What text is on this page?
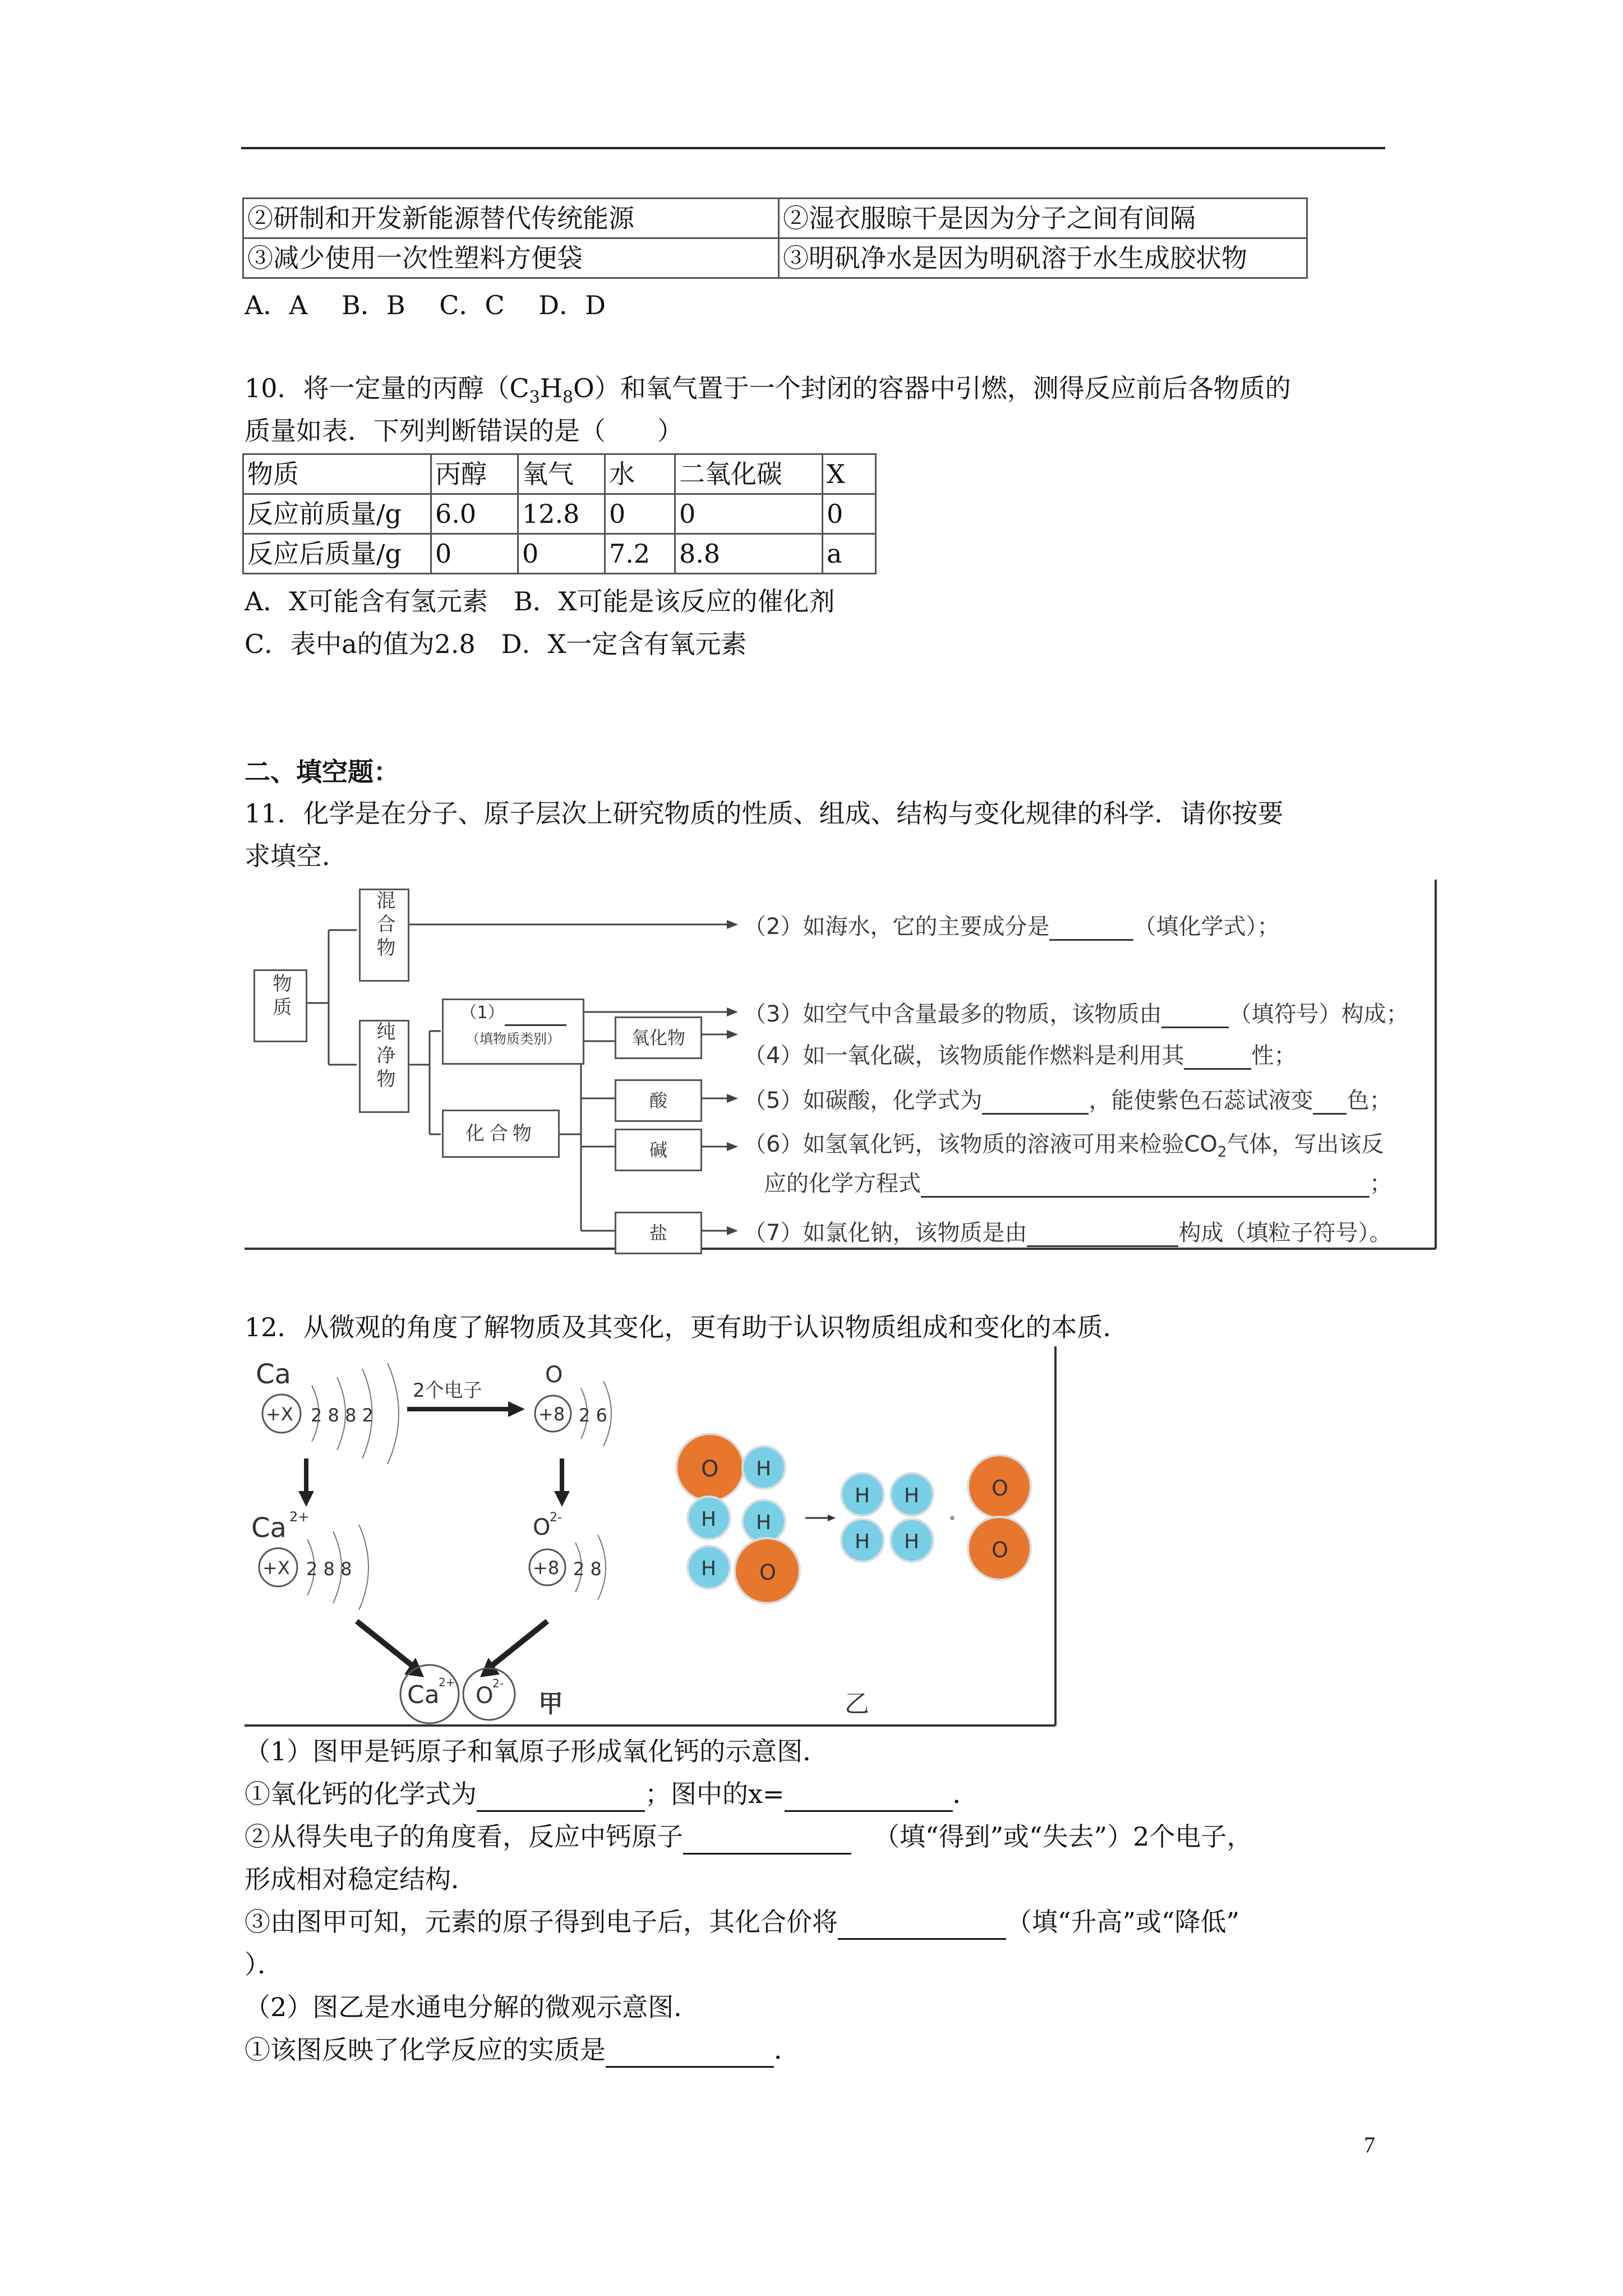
②研制和开发新能源替代传统能源	②湿衣服晾干是因为分子之间有间隔
③减少使用一次性塑料方便袋	③明矾净水是因为明矾溶于水生成胶状物
A．A　 B．B　 C．C　 D．D
10．将一定量的丙醇$(C_3H_8O)$和氧气置于一个封闭的容器中引燃，测得反应前后各物质的
质量如表．下列判断错误的是（　　）
物质	丙醇	氧气	水	二氧化碳	X
反应前质量/g	6.0	12.8	0	0	0
反应后质量/g	0	0	7.2	8.8	a
A．X可能含有氢元素　B．X可能是该反应的催化剂
C．表中a的值为2.8　D．X一定含有氧元素
二、填空题：
11．化学是在分子、原子层次上研究物质的性质、组成、结构与变化规律的科学．请你按要
求填空．
物质
混合物
纯净物
（1）
（填物质类别）
化合物
氧化物
酸
碱
盐
（2）如海水，它的主要成分是	（填化学式）；
（3）如空气中含量最多的物质，该物质由	（填符号）构成；
（4）如一氧化碳，该物质能作燃料是利用其	性；
（5）如碳酸，化学式为	，能使紫色石蕊试液变 色；
（6）如氢氧化钙，该物质的溶液可用来检验$CO_2$气体，写出该反
应的化学方程式	；
（7）如氯化钠，该物质是由	构成（填粒子符号）。
12．从微观的角度了解物质及其变化，更有助于认识物质组成和变化的本质．
Ca
+X 2 8 8 2
2个电子
O
+8 2 6
Ca 2+
+X 2 8 8
O
2-
+8 2 8
Ca
2+
O
2-
甲
O H
H H
H O
H
H
H
H
O
O
乙
（1）图甲是钙原子和氧原子形成氧化钙的示意图．
①氧化钙的化学式为	；图中的x=	．
②从得失电子的角度看，反应中钙原子	（填“得到”或“失去”）2个电子，
形成相对稳定结构．
③由图甲可知，元素的原子得到电子后，其化合价将	（填“升高”或“降低”
）．
（2）图乙是水通电分解的微观示意图．
①该图反映了化学反应的实质是	．
7
